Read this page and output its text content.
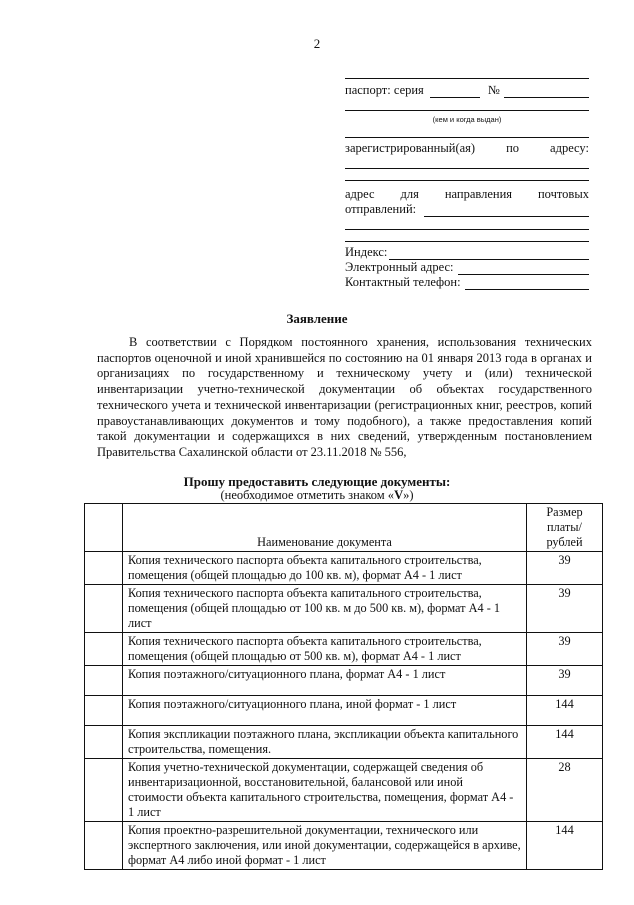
2
паспорт: серия	№
(кем и когда выдан)
зарегистрированный(ая) по адресу:
адрес для направления почтовых
отправлений:
Индекс:
Электронный адрес:
Контактный телефон:
Заявление

В соответствии с Порядком постоянного хранения, использования технических паспортов оценочной и иной хранившейся по состоянию на 01 января 2013 года в органах и организациях по государственному и техническому учету и (или) технической инвентаризации учетно-технической документации об объектах государственного технического учета и технической инвентаризации (регистрационных книг, реестров, копий правоустанавливающих документов и тому подобного), а также предоставления копий такой документации и содержащихся в них сведений, утвержденным постановлением Правительства Сахалинской области от 23.11.2018 № 556,

Прошу предоставить следующие документы:
(необходимое отметить знаком «V»)
	Наименование документа	Размер платы/рублей
	Копия технического паспорта объекта капитального строительства, помещения (общей площадью до 100 кв. м), формат А4 - 1 лист	39
	Копия технического паспорта объекта капитального строительства, помещения (общей площадью от 100 кв. м до 500 кв. м), формат А4 - 1 лист	39
	Копия технического паспорта объекта капитального строительства, помещения (общей площадью от 500 кв. м), формат А4 - 1 лист	39
	Копия поэтажного/ситуационного плана, формат А4 - 1 лист	39
	Копия поэтажного/ситуационного плана, иной формат - 1 лист	144
	Копия экспликации поэтажного плана, экспликации объекта капитального строительства, помещения.	144
	Копия учетно-технической документации, содержащей сведения об инвентаризационной, восстановительной, балансовой или иной стоимости объекта капитального строительства, помещения, формат А4 - 1 лист	28
	Копия проектно-разрешительной документации, технического или экспертного заключения, или иной документации, содержащейся в архиве, формат А4 либо иной формат - 1 лист	144
